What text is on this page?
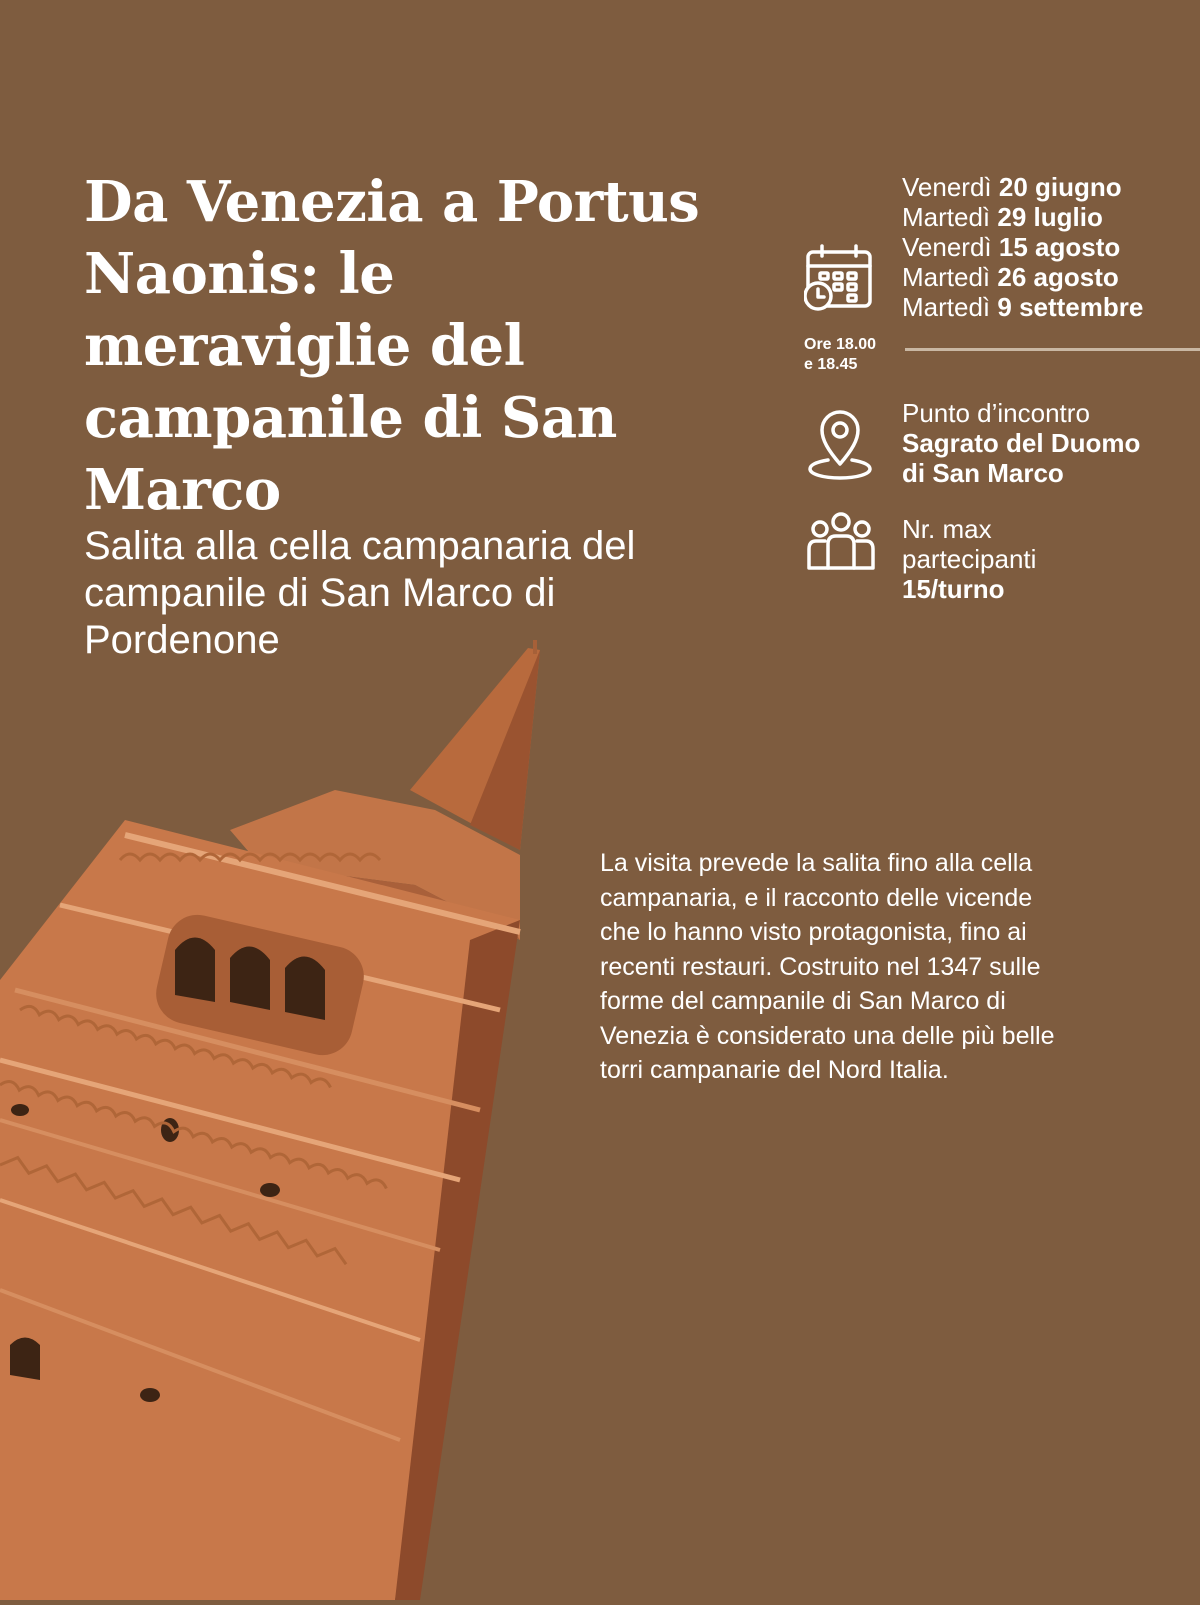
Da Venezia a Portus Naonis: le meraviglie del campanile di San Marco
Salita alla cella campanaria del campanile di San Marco di Pordenone
Venerdì 20 giugno
Martedì 29 luglio
Venerdì 15 agosto
Martedì 26 agosto
Martedì 9 settembre

Ore 18.00
e 18.45

Punto d’incontro
Sagrato del Duomo
di San Marco

Nr. max
partecipanti
15/turno

La visita prevede la salita fino alla cella campanaria, e il racconto delle vicende che lo hanno visto protagonista, fino ai recenti restauri. Costruito nel 1347 sulle forme del campanile di San Marco di Venezia è considerato una delle più belle torri campanarie del Nord Italia.
